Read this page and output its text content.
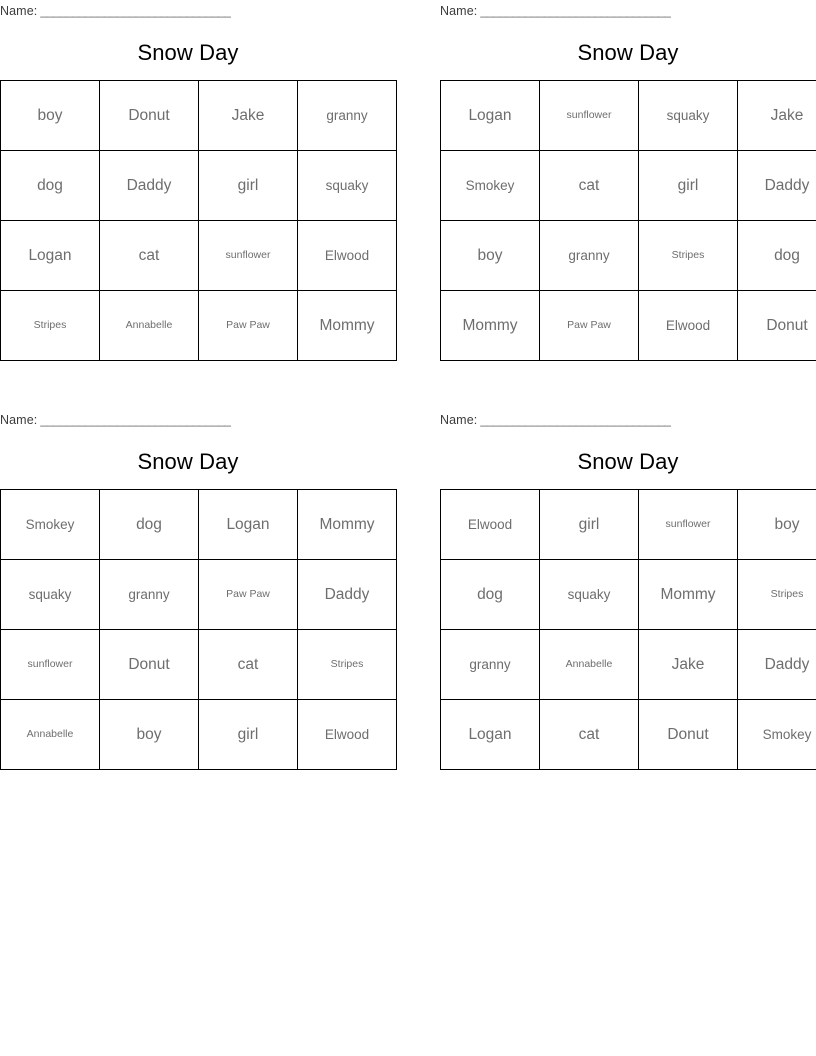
Name: ______________________________
Snow Day
boy	Donut	Jake	granny

dog	Daddy	girl	squaky

Logan	cat	sunflower	Elwood

Stripes	Annabelle	Paw Paw	Mommy
Name: ______________________________
Snow Day
Logan	sunflower	squaky	Jake

Smokey	cat	girl	Daddy

boy	granny	Stripes	dog

Mommy	Paw Paw	Elwood	Donut
Name: ______________________________
Snow Day
Smokey	dog	Logan	Mommy

squaky	granny	Paw Paw	Daddy

sunflower	Donut	cat	Stripes

Annabelle	boy	girl	Elwood
Name: ______________________________
Snow Day
Elwood	girl	sunflower	boy

dog	squaky	Mommy	Stripes

granny	Annabelle	Jake	Daddy

Logan	cat	Donut	Smokey
